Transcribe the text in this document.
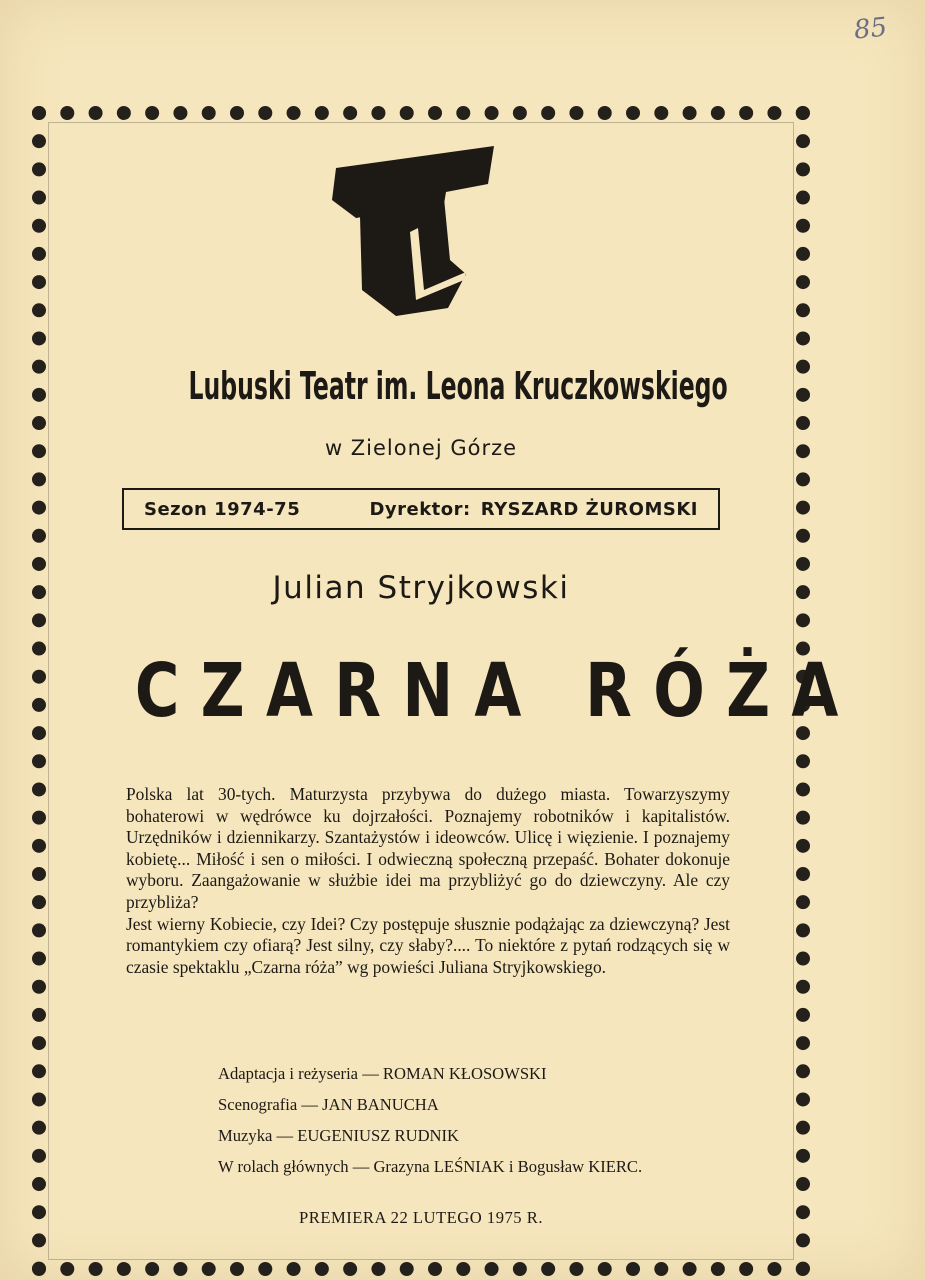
85
Lubuski Teatr im. Leona Kruczkowskiego
w Zielonej Górze
Sezon 1974-75	Dyrektor: RYSZARD ŻUROMSKI
Julian Stryjkowski
CZARNA RÓŻA

Polska lat 30-tych. Maturzysta przybywa do dużego miasta. Towarzyszymy bohaterowi w wędrówce ku dojrzałości. Poznajemy robotników i kapitalistów. Urzędników i dziennikarzy. Szantażystów i ideowców. Ulicę i więzienie. I poznajemy kobietę... Miłość i sen o miłości. I odwieczną społeczną przepaść. Bohater dokonuje wyboru. Zaangażowanie w służbie idei ma przybliżyć go do dziewczyny. Ale czy przybliża?

Jest wierny Kobiecie, czy Idei? Czy postępuje słusznie podążając za dziewczyną? Jest romantykiem czy ofiarą? Jest silny, czy słaby?.... To niektóre z pytań rodzących się w czasie spektaklu „Czarna róża” wg powieści Juliana Stryjkowskiego.

Adaptacja i reżyseria — ROMAN KŁOSOWSKI
Scenografia — JAN BANUCHA
Muzyka — EUGENIUSZ RUDNIK
W rolach głównych — Grazyna LEŚNIAK i Bogusław KIERC.
PREMIERA 22 LUTEGO 1975 R.
